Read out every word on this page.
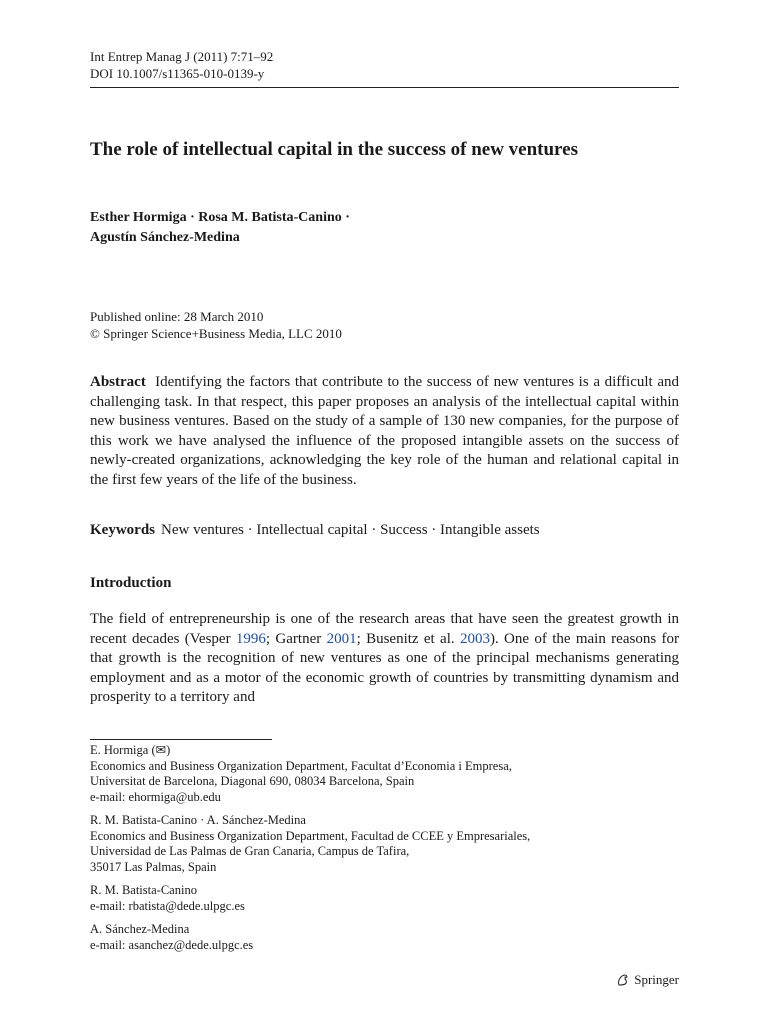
Int Entrep Manag J (2011) 7:71–92
DOI 10.1007/s11365-010-0139-y
The role of intellectual capital in the success of new ventures
Esther Hormiga · Rosa M. Batista-Canino ·
Agustín Sánchez-Medina
Published online: 28 March 2010
© Springer Science+Business Media, LLC 2010

Abstract Identifying the factors that contribute to the success of new ventures is a difficult and challenging task. In that respect, this paper proposes an analysis of the intellectual capital within new business ventures. Based on the study of a sample of 130 new companies, for the purpose of this work we have analysed the influence of the proposed intangible assets on the success of newly-created organizations, acknowledging the key role of the human and relational capital in the first few years of the life of the business.

Keywords New ventures · Intellectual capital · Success · Intangible assets
Introduction

The field of entrepreneurship is one of the research areas that have seen the greatest growth in recent decades (Vesper 1996; Gartner 2001; Busenitz et al. 2003). One of the main reasons for that growth is the recognition of new ventures as one of the principal mechanisms generating employment and as a motor of the economic growth of countries by transmitting dynamism and prosperity to a territory and

E. Hormiga (✉)
Economics and Business Organization Department, Facultat d’Economia i Empresa,
Universitat de Barcelona, Diagonal 690, 08034 Barcelona, Spain
e-mail: ehormiga@ub.edu
R. M. Batista-Canino · A. Sánchez-Medina
Economics and Business Organization Department, Facultad de CCEE y Empresariales,
Universidad de Las Palmas de Gran Canaria, Campus de Tafira,
35017 Las Palmas, Spain
R. M. Batista-Canino
e-mail: rbatista@dede.ulpgc.es
A. Sánchez-Medina
e-mail: asanchez@dede.ulpgc.es
Springer
